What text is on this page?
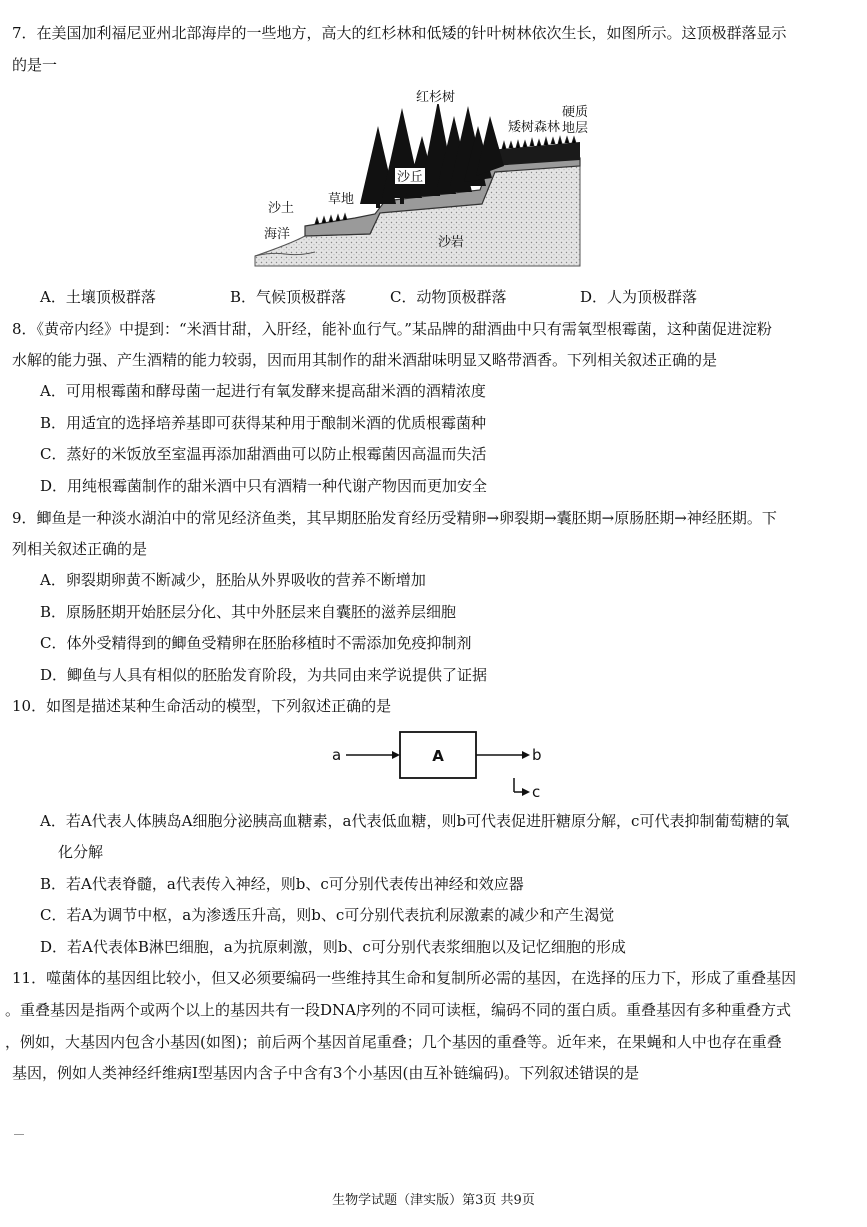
7．在美国加利福尼亚州北部海岸的一些地方，高大的红杉林和低矮的针叶树林依次生长，如图所示。这顶极群落显示
的是一
红杉树
矮树森林
硬质
地层
沙丘
草地
沙土
海洋
沙岩
A．土壤顶极群落	B．气候顶极群落	C．动物顶极群落	D．人为顶极群落
8．《黄帝内经》中提到：“米酒甘甜，入肝经，能补血行气。”某品牌的甜酒曲中只有需氧型根霉菌，这种菌促进淀粉
水解的能力强、产生酒精的能力较弱，因而用其制作的甜米酒甜味明显又略带酒香。下列相关叙述正确的是
A．可用根霉菌和酵母菌一起进行有氧发酵来提高甜米酒的酒精浓度
B．用适宜的选择培养基即可获得某种用于酿制米酒的优质根霉菌种
C．蒸好的米饭放至室温再添加甜酒曲可以防止根霉菌因高温而失活
D．用纯根霉菌制作的甜米酒中只有酒精一种代谢产物因而更加安全
9．鲫鱼是一种淡水湖泊中的常见经济鱼类，其早期胚胎发育经历受精卵→卵裂期→囊胚期→原肠胚期→神经胚期。下
列相关叙述正确的是
A．卵裂期卵黄不断减少，胚胎从外界吸收的营养不断增加
B．原肠胚期开始胚层分化、其中外胚层来自囊胚的滋养层细胞
C．体外受精得到的鲫鱼受精卵在胚胎移植时不需添加免疫抑制剂
D．鲫鱼与人具有相似的胚胎发育阶段，为共同由来学说提供了证据
10．如图是描述某种生命活动的模型，下列叙述正确的是
a	A	b
c
A．若A代表人体胰岛A细胞分泌胰高血糖素，a代表低血糖，则b可代表促进肝糖原分解，c可代表抑制葡萄糖的氧
化分解
B．若A代表脊髓，a代表传入神经，则b、c可分别代表传出神经和效应器
C．若A为调节中枢，a为渗透压升高，则b、c可分别代表抗利尿激素的减少和产生渴觉
D．若A代表体B淋巴细胞，a为抗原刺激，则b、c可分别代表浆细胞以及记忆细胞的形成
11．噬菌体的基因组比较小，但又必须要编码一些维持其生命和复制所必需的基因，在选择的压力下，形成了重叠基因
。重叠基因是指两个或两个以上的基因共有一段DNA序列的不同可读框，编码不同的蛋白质。重叠基因有多种重叠方式
，例如，大基因内包含小基因(如图)；前后两个基因首尾重叠；几个基因的重叠等。近年来，在果蝇和人中也存在重叠
基因，例如人类神经纤维病I型基因内含子中含有3个小基因(由互补链编码)。下列叙述错误的是
生物学试题（津实版）第3页 共9页
